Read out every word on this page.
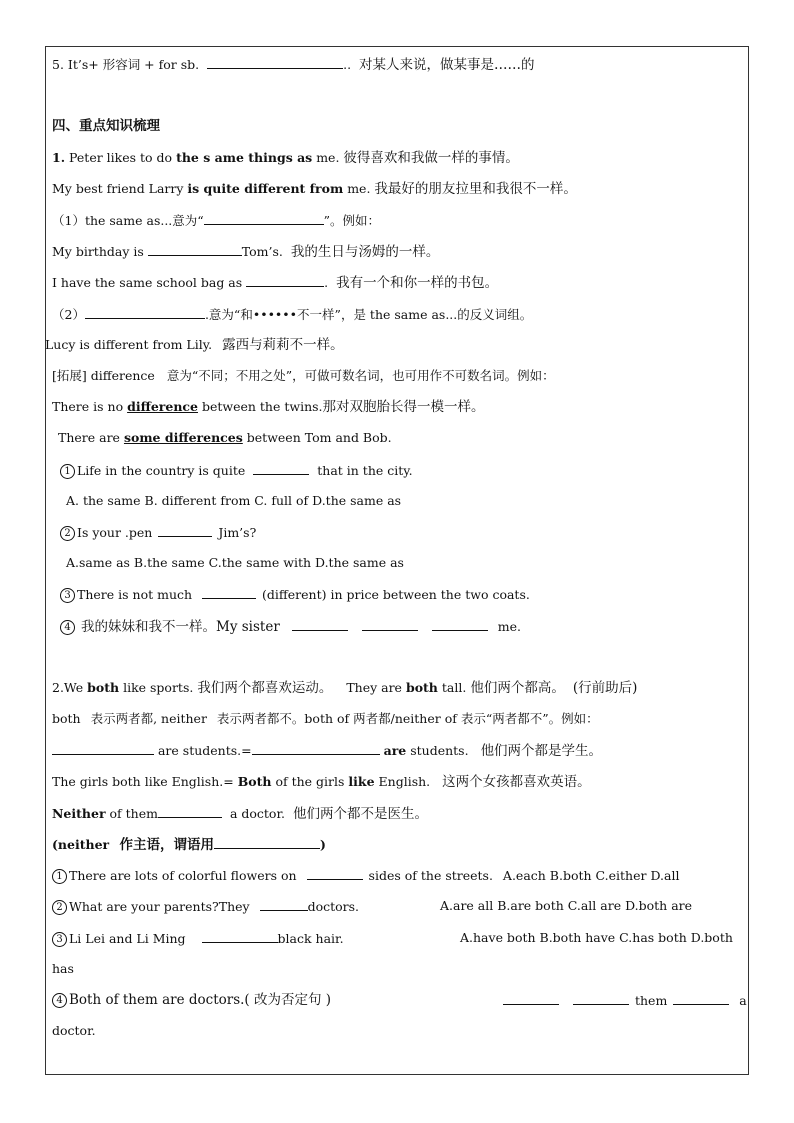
5. It’s+ 形容词 + for sb.	.. 对某人来说，做某事是……的
四、重点知识梳理
1. Peter likes to do the s ame things as me. 彼得喜欢和我做一样的事情。
My best friend Larry is quite different from me. 我最好的朋友拉里和我很不一样。
（1）the same as...意为“	”。例如：
My birthday is	Tom’s. 我的生日与汤姆的一样。
I have the same school bag as	. 我有一个和你一样的书包。
（2）	.意为“和••••••不一样”，是 the same as...的反义词组。
Lucy is different from Lily. 露西与莉莉不一样。
[拓展] difference 意为“不同；不用之处”，可做可数名词，也可用作不可数名词。例如：
There is no difference between the twins.那对双胞胎长得一模一样。
There are some differences between Tom and Bob.
1 Life in the country is quite	that in the city.
A. the same B. different from C. full of D.the same as
2 Is your .pen	Jim’s?
A.same as B.the same C.the same with D.the same as
3 There is not much	(different) in price between the two coats.
4 我的妹妹和我不一样。My sister	me.
2.We both like sports. 我们两个都喜欢运动。 They are both tall. 他们两个都高。 (行前助后)
both 表示两者都, neither 表示两者都不。both of 两者都/neither of 表示“两者都不”。例如：
are students.=	are students. 他们两个都是学生。
The girls both like English.= Both of the girls like English. 这两个女孩都喜欢英语。
Neither of them	a doctor. 他们两个都不是医生。
(neither 作主语，谓语用	)
1 There are lots of colorful flowers on	sides of the streets. A.each B.both C.either D.all
2 What are your parents?They	doctors.	A.are all B.are both C.all are D.both are
3 Li Lei and Li Ming	black hair.	A.have both B.both have C.has both D.both
has
4 Both of them are doctors.( 改为否定句 )	them	a
doctor.
